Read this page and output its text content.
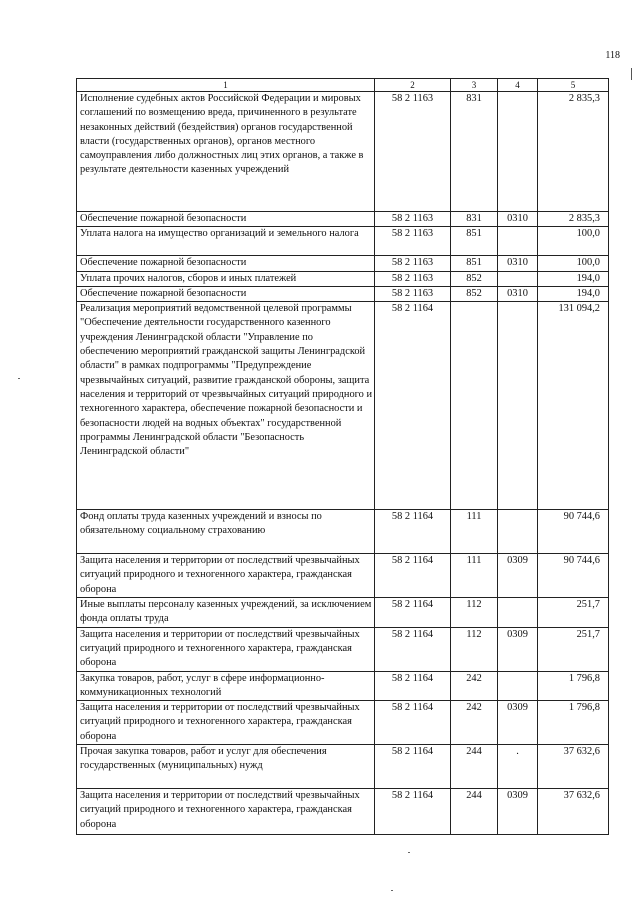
118
1	2	3	4	5
Исполнение судебных актов Российской Федерации и мировых соглашений по возмещению вреда, причиненного в результате незаконных действий (бездействия) органов государственной власти (государственных органов), органов местного самоуправления либо должностных лиц этих органов, а также в результате деятельности казенных учреждений	58 2 1163	831		2 835,3
Обеспечение пожарной безопасности	58 2 1163	831	0310	2 835,3
Уплата налога на имущество организаций и земельного налога	58 2 1163	851		100,0
Обеспечение пожарной безопасности	58 2 1163	851	0310	100,0
Уплата прочих налогов, сборов и иных платежей	58 2 1163	852		194,0
Обеспечение пожарной безопасности	58 2 1163	852	0310	194,0
Реализация мероприятий ведомственной целевой программы "Обеспечение деятельности государственного казенного учреждения Ленинградской области "Управление по обеспечению мероприятий гражданской защиты Ленинградской области" в рамках подпрограммы "Предупреждение чрезвычайных ситуаций, развитие гражданской обороны, защита населения и территорий от чрезвычайных ситуаций природного и техногенного характера, обеспечение пожарной безопасности и безопасности людей на водных объектах" государственной программы Ленинградской области "Безопасность Ленинградской области"	58 2 1164			131 094,2
Фонд оплаты труда казенных учреждений и взносы по обязательному социальному страхованию	58 2 1164	111		90 744,6
Защита населения и территории от последствий чрезвычайных ситуаций природного и техногенного характера, гражданская оборона	58 2 1164	111	0309	90 744,6
Иные выплаты персоналу казенных учреждений, за исключением фонда оплаты труда	58 2 1164	112		251,7
Защита населения и территории от последствий чрезвычайных ситуаций природного и техногенного характера, гражданская оборона	58 2 1164	112	0309	251,7
Закупка товаров, работ, услуг в сфере информационно-коммуникационных технологий	58 2 1164	242		1 796,8
Защита населения и территории от последствий чрезвычайных ситуаций природного и техногенного характера, гражданская оборона	58 2 1164	242	0309	1 796,8
Прочая закупка товаров, работ и услуг для обеспечения государственных (муниципальных) нужд	58 2 1164	244	.	37 632,6
Защита населения и территории от последствий чрезвычайных ситуаций природного и техногенного характера, гражданская оборона	58 2 1164	244	0309	37 632,6
